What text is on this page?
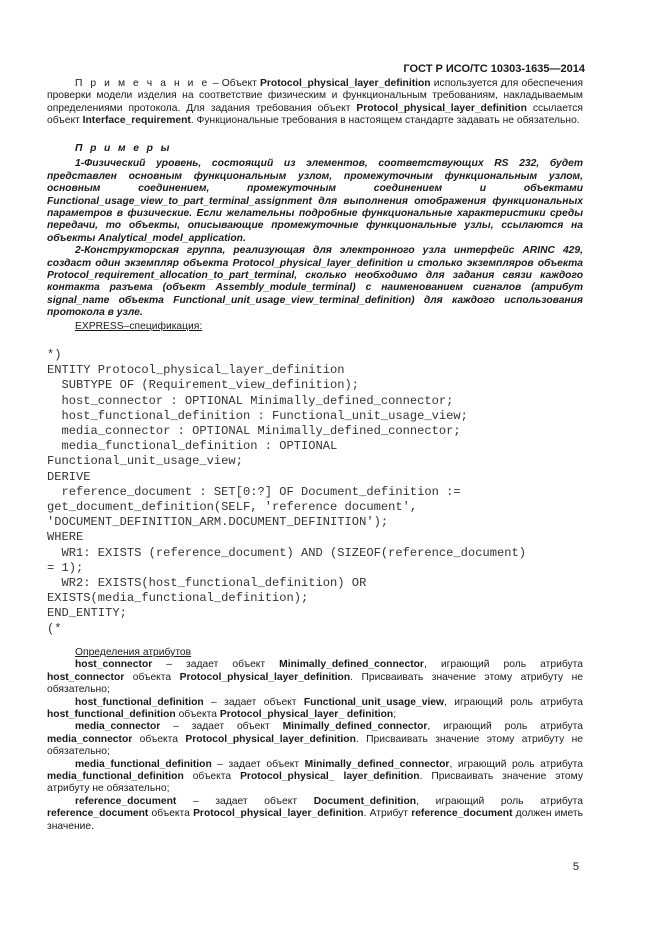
ГОСТ Р ИСО/ТС 10303-1635—2014
П р и м е ч а н и е – Объект Protocol_physical_layer_definition используется для обеспечения проверки модели изделия на соответствие физическим и функциональным требованиям, накладываемым определениями протокола. Для задания требования объект Protocol_physical_layer_definition ссылается объект Interface_requirement. Функциональные требования в настоящем стандарте задавать не обязательно.
П р и м е р ы
1-Физический уровень, состоящий из элементов, соответствующих RS 232, будет представлен основным функциональным узлом, промежуточным функциональным узлом, основным соединением, промежуточным соединением и объектами Functional_usage_view_to_part_terminal_assignment для выполнения отображения функциональных параметров в физические. Если желательны подробные функциональные характеристики среды передачи, то объекты, описывающие промежуточные функциональные узлы, ссылаются на объекты Analytical_model_application.
2-Конструкторская группа, реализующая для электронного узла интерфейс ARINC 429, создаст один экземпляр объекта Protocol_physical_layer_definition и столько экземпляров объекта Protocol_requirement_allocation_to_part_terminal, сколько необходимо для задания связи каждого контакта разъема (объект Assembly_module_terminal) с наименованием сигналов (атрибут signal_name объекта Functional_unit_usage_view_terminal_definition) для каждого использования протокола в узле.
EXPRESS–спецификация:
*)
ENTITY Protocol_physical_layer_definition
SUBTYPE OF (Requirement_view_definition);
host_connector : OPTIONAL Minimally_defined_connector;
host_functional_definition : Functional_unit_usage_view;
media_connector : OPTIONAL Minimally_defined_connector;
media_functional_definition : OPTIONAL
Functional_unit_usage_view;
DERIVE
reference_document : SET[0:?] OF Document_definition :=
get_document_definition(SELF, 'reference document',
'DOCUMENT_DEFINITION_ARM.DOCUMENT_DEFINITION');
WHERE
WR1: EXISTS (reference_document) AND (SIZEOF(reference_document)
= 1);
WR2: EXISTS(host_functional_definition) OR
EXISTS(media_functional_definition);
END_ENTITY;
(*

Определения атрибутов

host_connector – задает объект Minimally_defined_connector, играющий роль атрибута host_connector объекта Protocol_physical_layer_definition. Присваивать значение этому атрибуту не обязательно;

host_functional_definition – задает объект Functional_unit_usage_view, играющий роль атрибута host_functional_definition объекта Protocol_physical_layer_ definition;

media_connector – задает объект Minimally_defined_connector, играющий роль атрибута media_connector объекта Protocol_physical_layer_definition. Присваивать значение этому атрибуту не обязательно;

media_functional_definition – задает объект Minimally_defined_connector, играющий роль атрибута media_functional_definition объекта Protocol_physical_ layer_definition. Присваивать значение этому атрибуту не обязательно;

reference_document – задает объект Document_definition, играющий роль атрибута reference_document объекта Protocol_physical_layer_definition. Атрибут reference_document должен иметь значение.

5
